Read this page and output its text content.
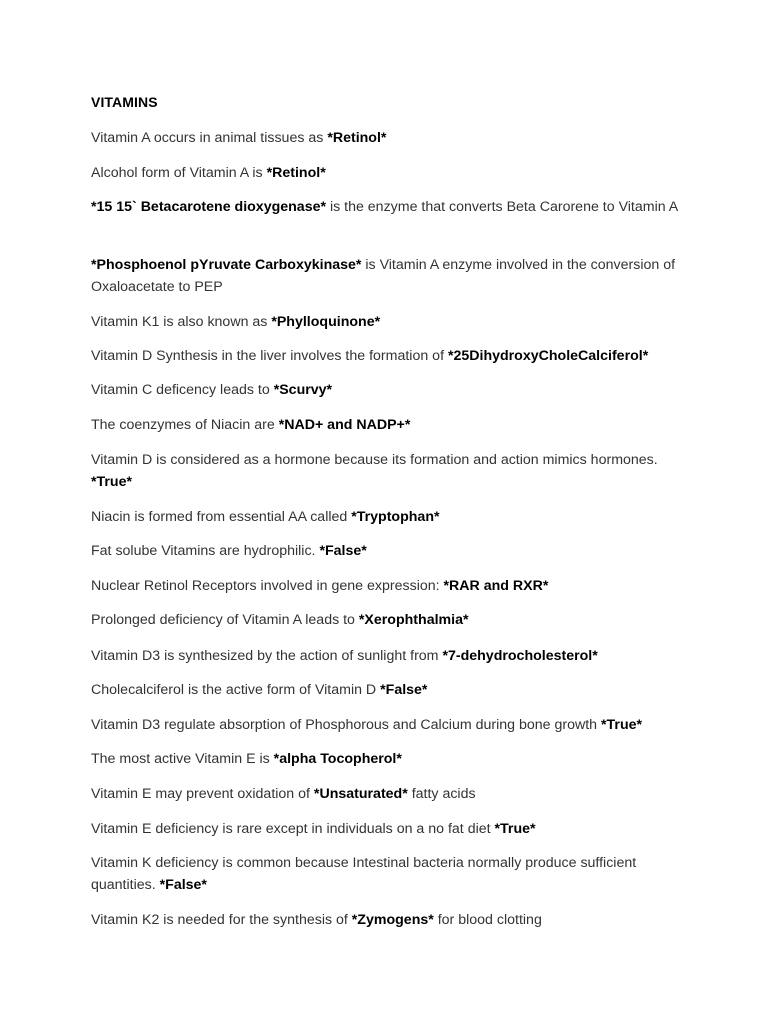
VITAMINS
Vitamin A occurs in animal tissues as *Retinol*
Alcohol form of Vitamin A is *Retinol*
*15 15` Betacarotene dioxygenase* is the enzyme that converts Beta Carorene to Vitamin A
*Phosphoenol pYruvate Carboxykinase* is Vitamin A enzyme involved in the conversion of Oxaloacetate to PEP
Vitamin K1 is also known as *Phylloquinone*
Vitamin D Synthesis in the liver involves the formation of *25DihydroxyCholeCalciferol*
Vitamin C deficency leads to *Scurvy*
The coenzymes of Niacin are *NAD+ and NADP+*
Vitamin D is considered as a hormone because its formation and action mimics hormones. *True*
Niacin is formed from essential AA called *Tryptophan*
Fat solube Vitamins are hydrophilic. *False*
Nuclear Retinol Receptors involved in gene expression: *RAR and RXR*
Prolonged deficiency of Vitamin A leads to *Xerophthalmia*
Vitamin D3 is synthesized by the action of sunlight from *7-dehydrocholesterol*
Cholecalciferol is the active form of Vitamin D *False*
Vitamin D3 regulate absorption of Phosphorous and Calcium during bone growth *True*
The most active Vitamin E is *alpha Tocopherol*
Vitamin E may prevent oxidation of *Unsaturated* fatty acids
Vitamin E deficiency is rare except in individuals on a no fat diet *True*
Vitamin K deficiency is common because Intestinal bacteria normally produce sufficient quantities. *False*
Vitamin K2 is needed for the synthesis of *Zymogens* for blood clotting
